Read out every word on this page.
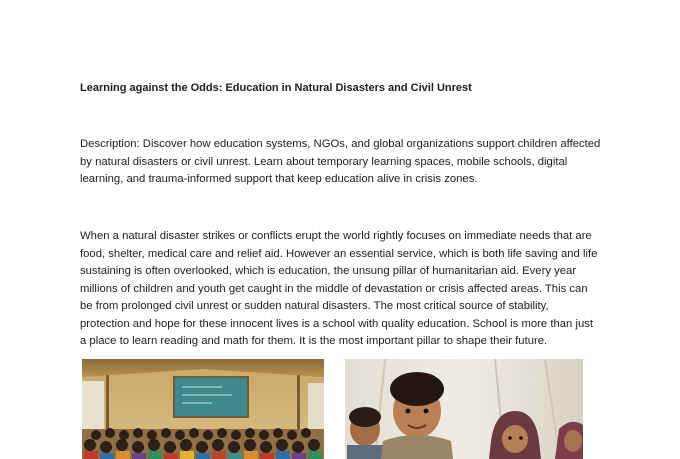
Learning against the Odds: Education in Natural Disasters and Civil Unrest
Description: Discover how education systems, NGOs, and global organizations support children affected
by natural disasters or civil unrest. Learn about temporary learning spaces, mobile schools, digital
learning, and trauma-informed support that keep education alive in crisis zones.
When a natural disaster strikes or conflicts erupt the world rightly focuses on immediate needs that are
food, shelter, medical care and relief aid. However an essential service, which is both life saving and life
sustaining is often overlooked, which is education, the unsung pillar of humanitarian aid. Every year
millions of children and youth get caught in the middle of devastation or crisis affected areas. This can
be from prolonged civil unrest or sudden natural disasters. The most critical source of stability,
protection and hope for these innocent lives is a school with quality education. School is more than just
a place to learn reading and math for them. It is the most important pillar to shape their future.
